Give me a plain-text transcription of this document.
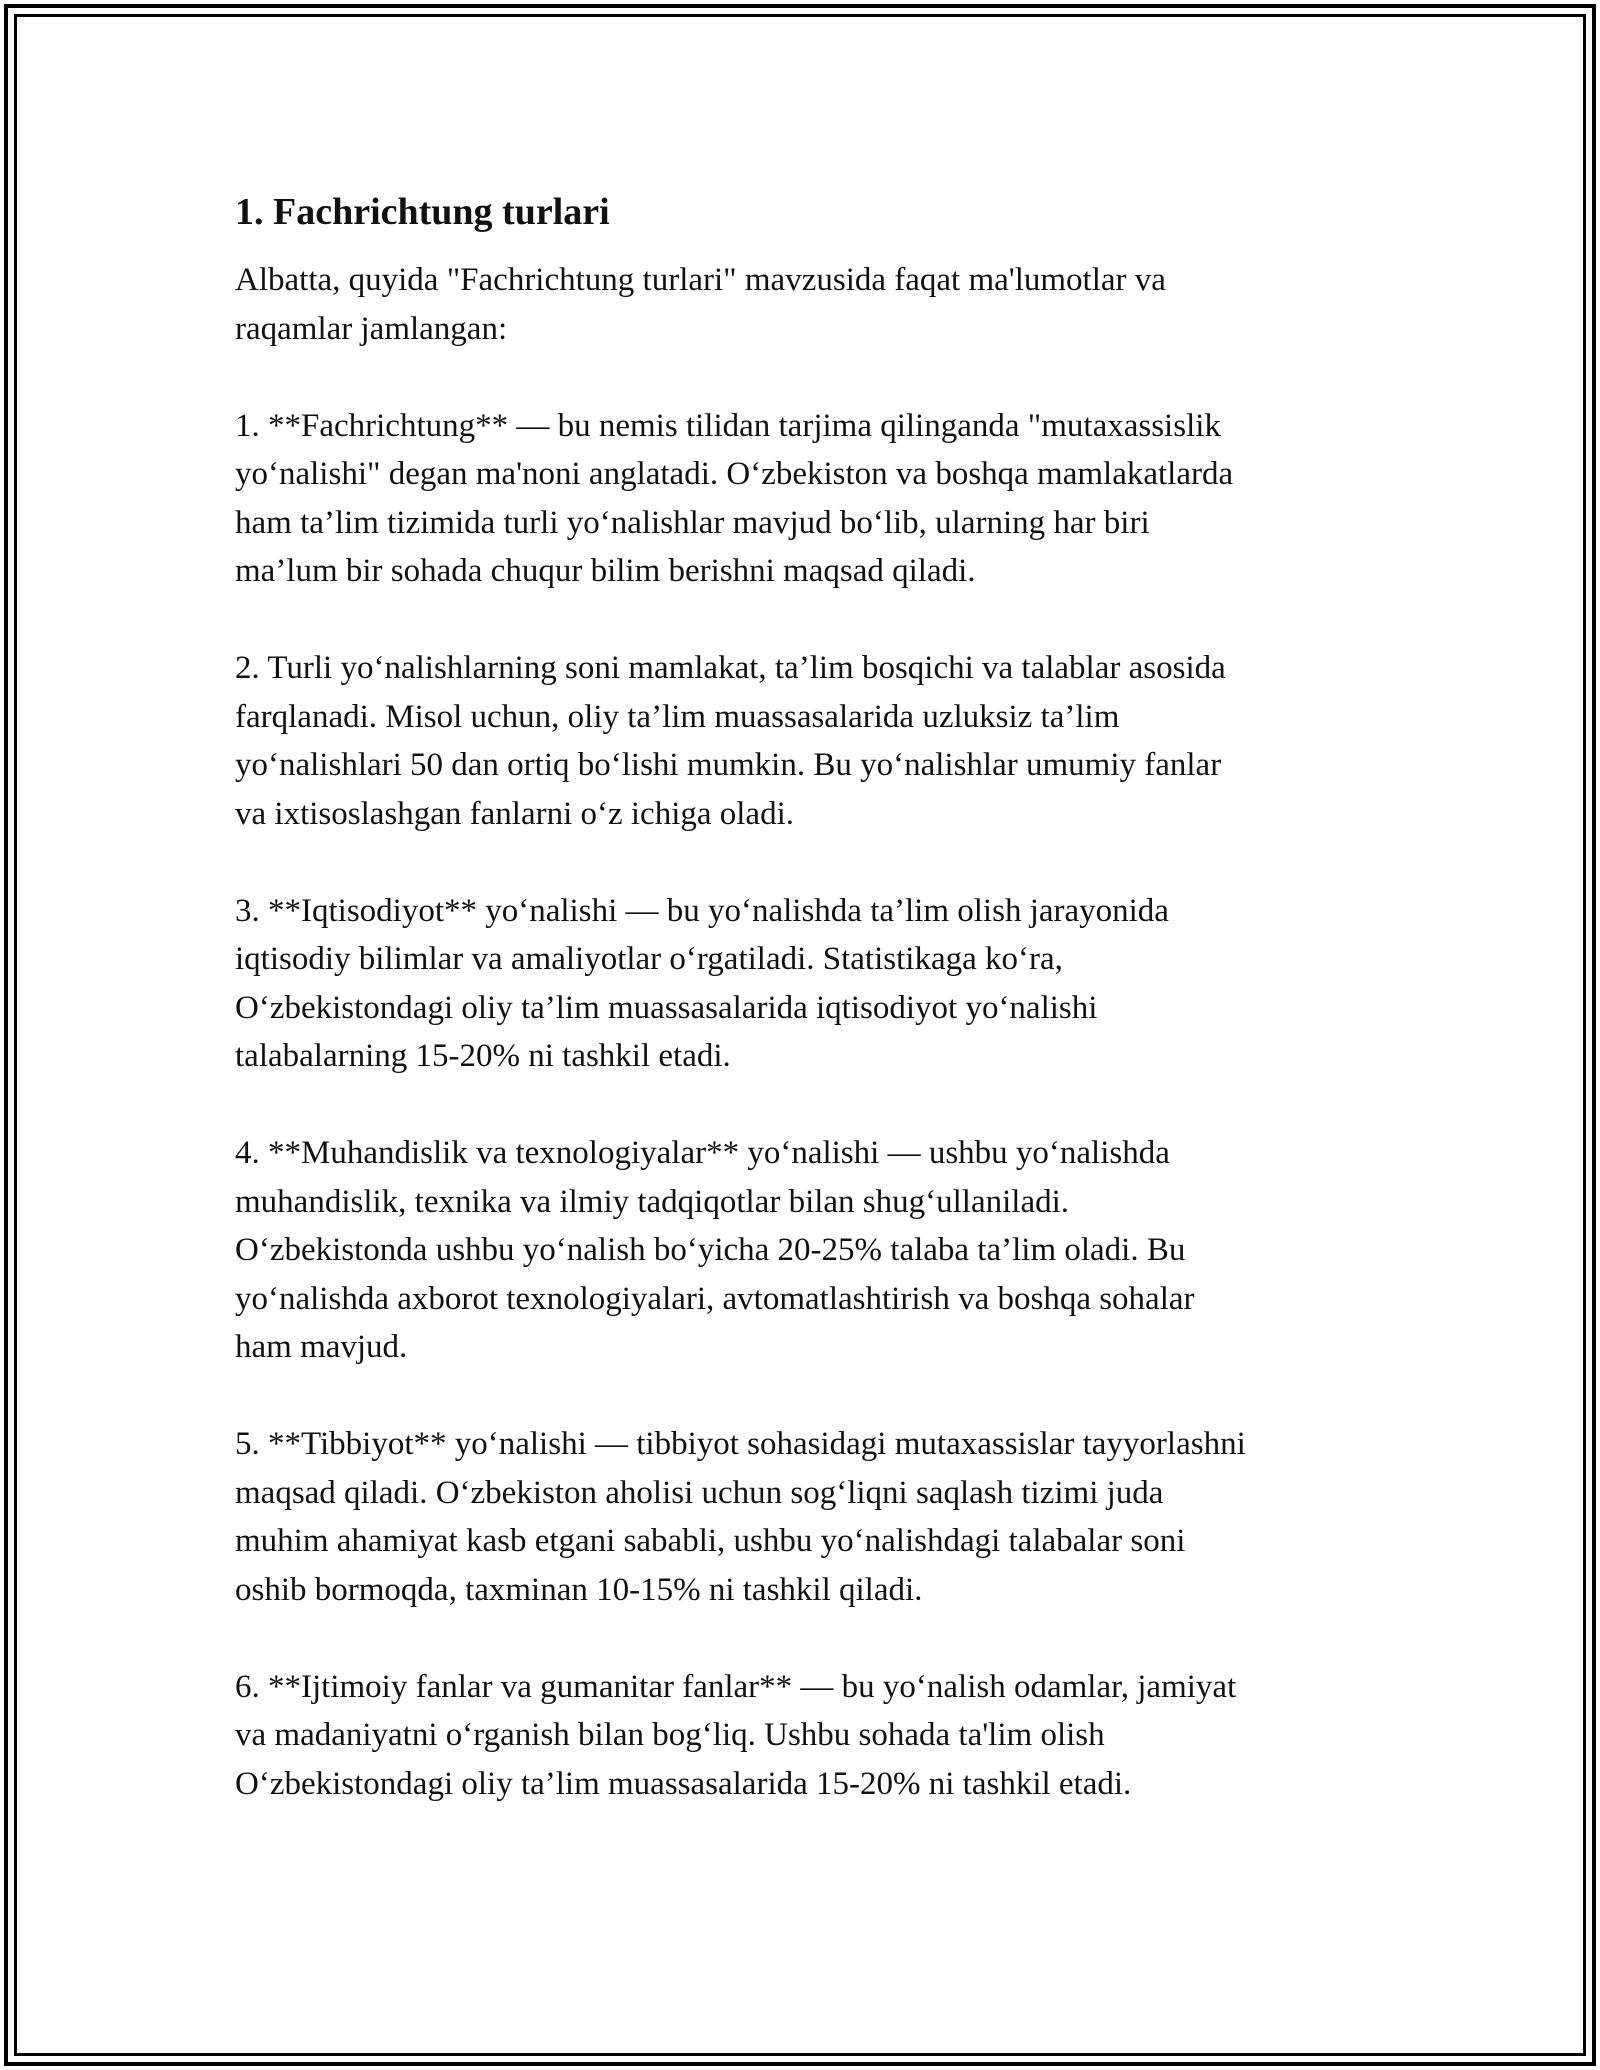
1. Fachrichtung turlari

Albatta, quyida "Fachrichtung turlari" mavzusida faqat ma'lumotlar va
raqamlar jamlangan:

1. **Fachrichtung** — bu nemis tilidan tarjima qilinganda "mutaxassislik
yo‘nalishi" degan ma'noni anglatadi. O‘zbekiston va boshqa mamlakatlarda
ham ta’lim tizimida turli yo‘nalishlar mavjud bo‘lib, ularning har biri
ma’lum bir sohada chuqur bilim berishni maqsad qiladi.

2. Turli yo‘nalishlarning soni mamlakat, ta’lim bosqichi va talablar asosida
farqlanadi. Misol uchun, oliy ta’lim muassasalarida uzluksiz ta’lim
yo‘nalishlari 50 dan ortiq bo‘lishi mumkin. Bu yo‘nalishlar umumiy fanlar
va ixtisoslashgan fanlarni o‘z ichiga oladi.

3. **Iqtisodiyot** yo‘nalishi — bu yo‘nalishda ta’lim olish jarayonida
iqtisodiy bilimlar va amaliyotlar o‘rgatiladi. Statistikaga ko‘ra,
O‘zbekistondagi oliy ta’lim muassasalarida iqtisodiyot yo‘nalishi
talabalarning 15-20% ni tashkil etadi.

4. **Muhandislik va texnologiyalar** yo‘nalishi — ushbu yo‘nalishda
muhandislik, texnika va ilmiy tadqiqotlar bilan shug‘ullaniladi.
O‘zbekistonda ushbu yo‘nalish bo‘yicha 20-25% talaba ta’lim oladi. Bu
yo‘nalishda axborot texnologiyalari, avtomatlashtirish va boshqa sohalar
ham mavjud.

5. **Tibbiyot** yo‘nalishi — tibbiyot sohasidagi mutaxassislar tayyorlashni
maqsad qiladi. O‘zbekiston aholisi uchun sog‘liqni saqlash tizimi juda
muhim ahamiyat kasb etgani sababli, ushbu yo‘nalishdagi talabalar soni
oshib bormoqda, taxminan 10-15% ni tashkil qiladi.

6. **Ijtimoiy fanlar va gumanitar fanlar** — bu yo‘nalish odamlar, jamiyat
va madaniyatni o‘rganish bilan bog‘liq. Ushbu sohada ta'lim olish
O‘zbekistondagi oliy ta’lim muassasalarida 15-20% ni tashkil etadi.
